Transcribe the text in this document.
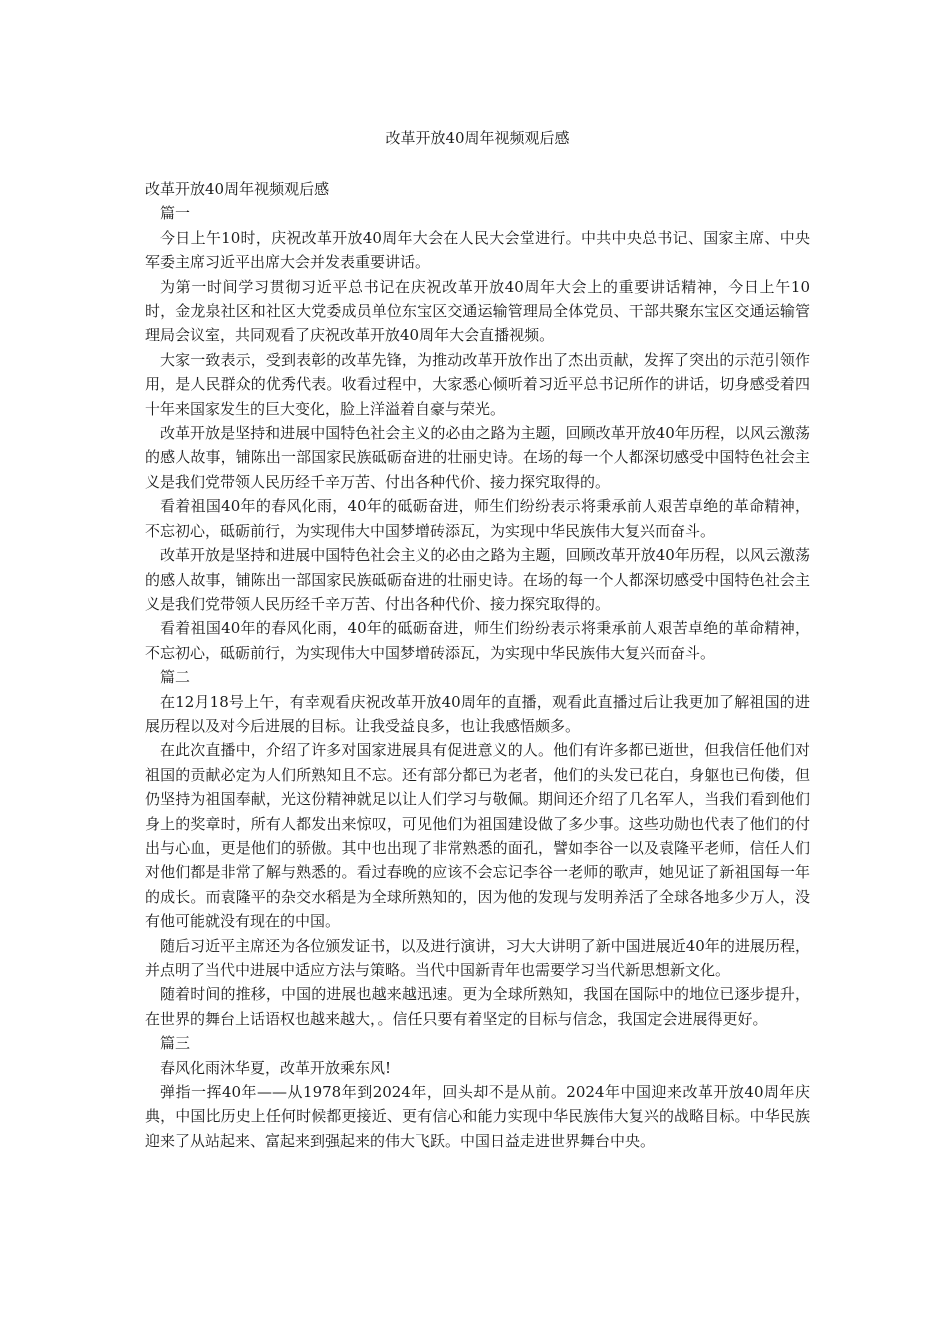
改革开放40周年视频观后感

改革开放40周年视频观后感

篇一

今日上午10时，庆祝改革开放40周年大会在人民大会堂进行。中共中央总书记、国家主席、中央军委主席习近平出席大会并发表重要讲话。

为第一时间学习贯彻习近平总书记在庆祝改革开放40周年大会上的重要讲话精神，今日上午10时，金龙泉社区和社区大党委成员单位东宝区交通运输管理局全体党员、干部共聚东宝区交通运输管理局会议室，共同观看了庆祝改革开放40周年大会直播视频。

大家一致表示，受到表彰的改革先锋，为推动改革开放作出了杰出贡献，发挥了突出的示范引领作用，是人民群众的优秀代表。收看过程中，大家悉心倾听着习近平总书记所作的讲话，切身感受着四十年来国家发生的巨大变化，脸上洋溢着自豪与荣光。

改革开放是坚持和进展中国特色社会主义的必由之路为主题，回顾改革开放40年历程，以风云激荡的感人故事，铺陈出一部国家民族砥砺奋进的壮丽史诗。在场的每一个人都深切感受中国特色社会主义是我们党带领人民历经千辛万苦、付出各种代价、接力探究取得的。

看着祖国40年的春风化雨，40年的砥砺奋进，师生们纷纷表示将秉承前人艰苦卓绝的革命精神，不忘初心，砥砺前行，为实现伟大中国梦增砖添瓦，为实现中华民族伟大复兴而奋斗。

改革开放是坚持和进展中国特色社会主义的必由之路为主题，回顾改革开放40年历程，以风云激荡的感人故事，铺陈出一部国家民族砥砺奋进的壮丽史诗。在场的每一个人都深切感受中国特色社会主义是我们党带领人民历经千辛万苦、付出各种代价、接力探究取得的。

看着祖国40年的春风化雨，40年的砥砺奋进，师生们纷纷表示将秉承前人艰苦卓绝的革命精神，不忘初心，砥砺前行，为实现伟大中国梦增砖添瓦，为实现中华民族伟大复兴而奋斗。

篇二

在12月18号上午，有幸观看庆祝改革开放40周年的直播，观看此直播过后让我更加了解祖国的进展历程以及对今后进展的目标。让我受益良多，也让我感悟颇多。

在此次直播中，介绍了许多对国家进展具有促进意义的人。他们有许多都已逝世，但我信任他们对祖国的贡献必定为人们所熟知且不忘。还有部分都已为老者，他们的头发已花白，身躯也已佝偻，但仍坚持为祖国奉献，光这份精神就足以让人们学习与敬佩。期间还介绍了几名军人，当我们看到他们身上的奖章时，所有人都发出来惊叹，可见他们为祖国建设做了多少事。这些功勋也代表了他们的付出与心血，更是他们的骄傲。其中也出现了非常熟悉的面孔，譬如李谷一以及袁隆平老师，信任人们对他们都是非常了解与熟悉的。看过春晚的应该不会忘记李谷一老师的歌声，她见证了新祖国每一年的成长。而袁隆平的杂交水稻是为全球所熟知的，因为他的发现与发明养活了全球各地多少万人，没有他可能就没有现在的中国。

随后习近平主席还为各位颁发证书，以及进行演讲，习大大讲明了新中国进展近40年的进展历程，并点明了当代中进展中适应方法与策略。当代中国新青年也需要学习当代新思想新文化。

随着时间的推移，中国的进展也越来越迅速。更为全球所熟知，我国在国际中的地位已逐步提升，在世界的舞台上话语权也越来越大，。信任只要有着坚定的目标与信念，我国定会进展得更好。

篇三

春风化雨沐华夏，改革开放乘东风!

弹指一挥40年——从1978年到2024年，回头却不是从前。2024年中国迎来改革开放40周年庆典，中国比历史上任何时候都更接近、更有信心和能力实现中华民族伟大复兴的战略目标。中华民族迎来了从站起来、富起来到强起来的伟大飞跃。中国日益走进世界舞台中央。
